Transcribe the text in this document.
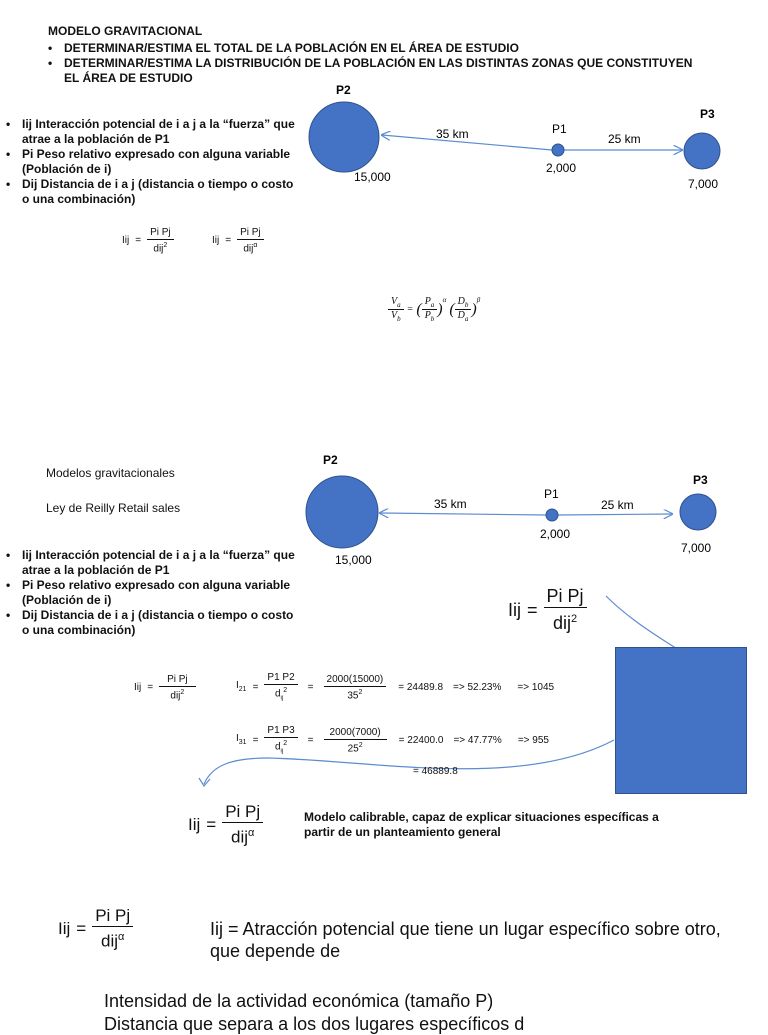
MODELO GRAVITACIONAL
• DETERMINAR/ESTIMA EL TOTAL DE LA POBLACIÓN EN EL ÁREA DE ESTUDIO
• DETERMINAR/ESTIMA LA DISTRIBUCIÓN DE LA POBLACIÓN EN LAS DISTINTAS ZONAS QUE CONSTITUYEN EL ÁREA DE ESTUDIO
• Iij Interacción potencial de i a j a la “fuerza” que atrae a la población de P1
• Pi Peso relativo expresado con alguna variable (Población de i)
• Dij Distancia de i a j (distancia o tiempo o costo o una combinación)
Iij = $\frac{\text{Pi Pj}}{dij^2}$	Iij = $\frac{\text{Pi Pj}}{dij^\alpha}$
$\frac{V_a}{V_b}$ = ( $\frac{P_a}{P_b}$ )
$^\alpha$
( $\frac{D_b}{D_a}$ )
$^\beta$
P2
15,000
P1
2,000
P3
7,000
35 km	25 km
Modelos gravitacionales
Ley de Reilly Retail sales
• Iij Interacción potencial de i a j a la “fuerza” que atrae a la población de P1
• Pi Peso relativo expresado con alguna variable (Población de i)
• Dij Distancia de i a j (distancia o tiempo o costo o una combinación)
P2
15,000
P1
2,000
P3
7,000
35 km	25 km
Iij = $\frac{\text{Pi Pj}}{dij^2}$
Iij = $\frac{\text{Pi Pj}}{dij^2}$	$I_{21} = \frac{P1 P2}{d_{ij}^2} = \frac{2000(15000)}{35^2} = 24489.8 => 52.23\% => 1045$
$I_{31} = \frac{P1 P3}{d_{ij}^2} = \frac{2000(7000)}{25^2} = 22400.0 => 47.77\% => 955$
= 46889.8
Iij = $\frac{\text{Pi Pj}}{dij^\alpha}$	Modelo calibrable, capaz de explicar situaciones específicas a partir de un planteamiento general
Iij = $\frac{\text{Pi Pj}}{dij^\alpha}$	Iij = Atracción potencial que tiene un lugar específico sobre otro, que depende de
Intensidad de la actividad económica (tamaño P)
Distancia que separa a los dos lugares específicos d
